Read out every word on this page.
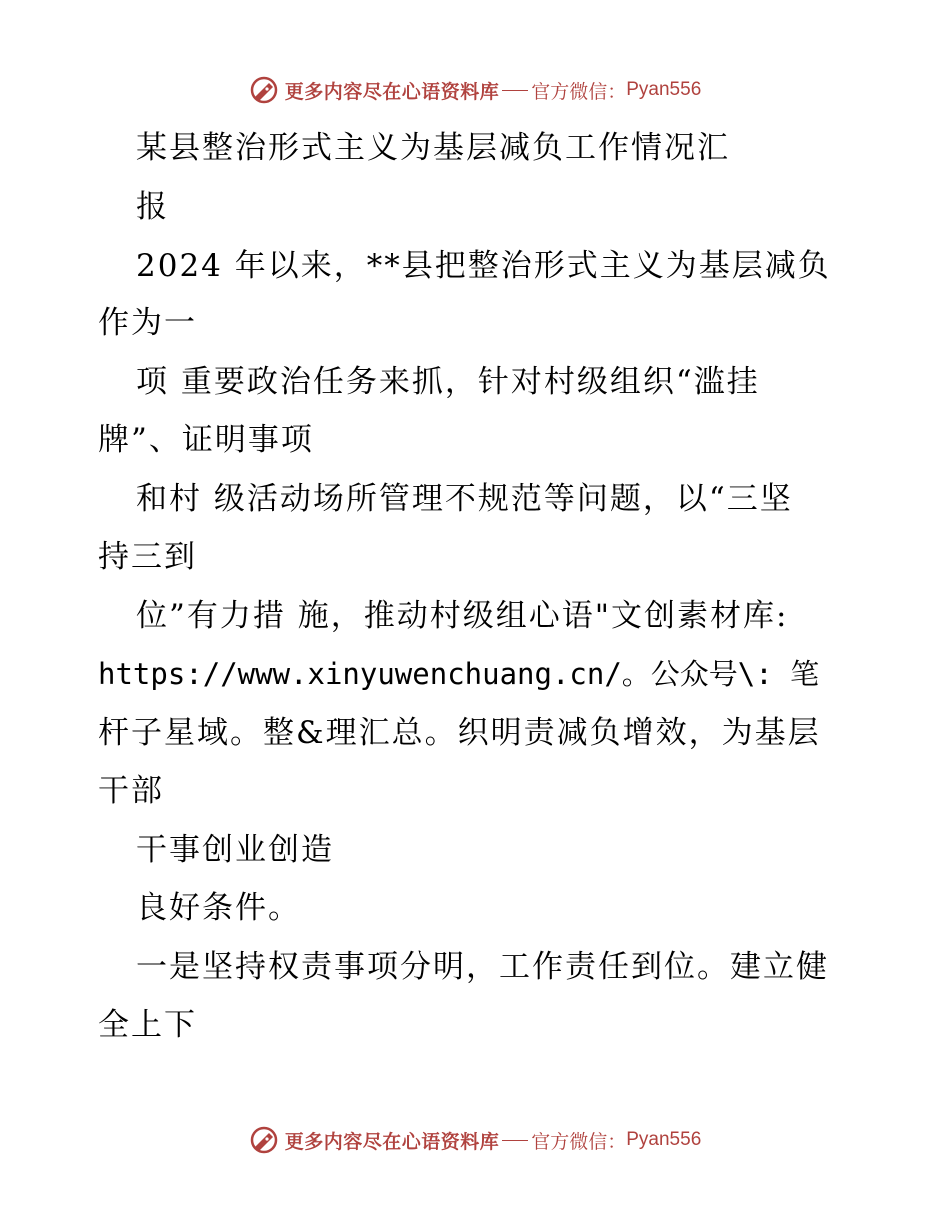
更多内容尽在心语资料库 官方微信： Pyan556
某县整治形式主义为基层减负工作情况汇
报
2024 年以来，**县把整治形式主义为基层减负
作为一
项 重要政治任务来抓，针对村级组织“滥挂
牌”、证明事项
和村 级活动场所管理不规范等问题，以“三坚
持三到
位”有力措 施，推动村级组心语"文创素材库:
https://www.xinyuwenchuang.cn/。公众号\: 笔
杆子星域。整&理汇总。织明责减负增效，为基层
干部
干事创业创造
良好条件。
一是坚持权责事项分明，工作责任到位。建立健
全上下
更多内容尽在心语资料库 官方微信： Pyan556
